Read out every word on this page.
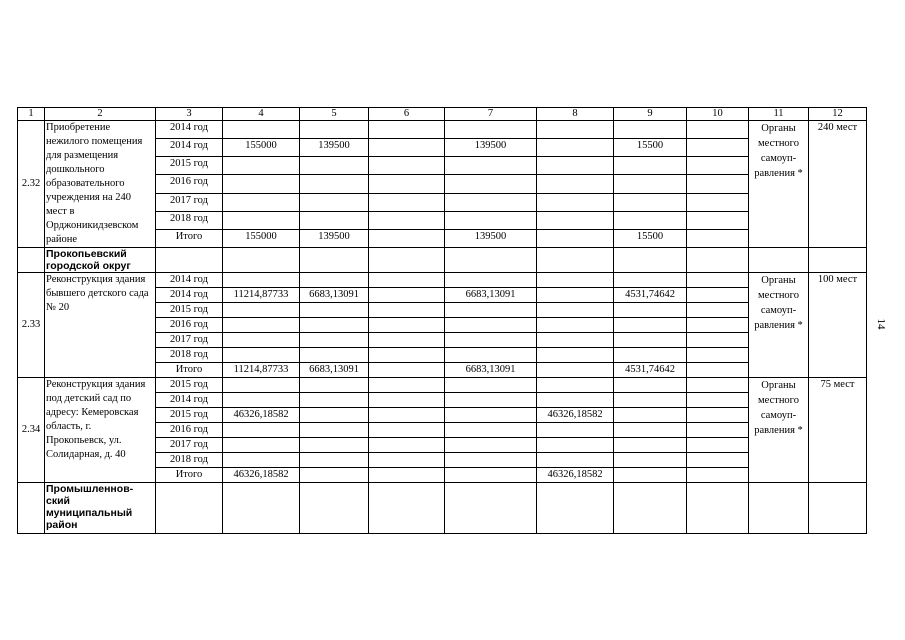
1	2	3	4	5	6	7	8	9	10	11	12
2.32	Приобретение нежилого помещения для размещения дошкольного образовательного учреждения на 240 мест в Орджоникидзевском районе	2014 год								Органы местного самоуп-равления *	240 мест
		2014 год	155000	139500		139500		15500			
		2015 год									
		2016 год									
		2017 год									
		2018 год									
		Итого	155000	139500		139500		15500			
	Прокопьевский городской округ										
2.33	Реконструкция здания бывшего детского сада № 20	2014 год								Органы местного самоуп-равления *	100 мест
		2014 год	11214,87733	6683,13091		6683,13091		4531,74642			
		2015 год									
		2016 год									
		2017 год									
		2018 год									
		Итого	11214,87733	6683,13091		6683,13091		4531,74642			
2.34	Реконструкция здания под детский сад по адресу: Кемеровская область, г. Прокопьевск, ул. Солидарная, д. 40	2015 год								Органы местного самоуп-равления *	75 мест
		2014 год									
		2015 год	46326,18582				46326,18582				
		2016 год									
		2017 год									
		2018 год									
		Итого	46326,18582				46326,18582				
	Промышленнов-ский муниципальный район										
14
